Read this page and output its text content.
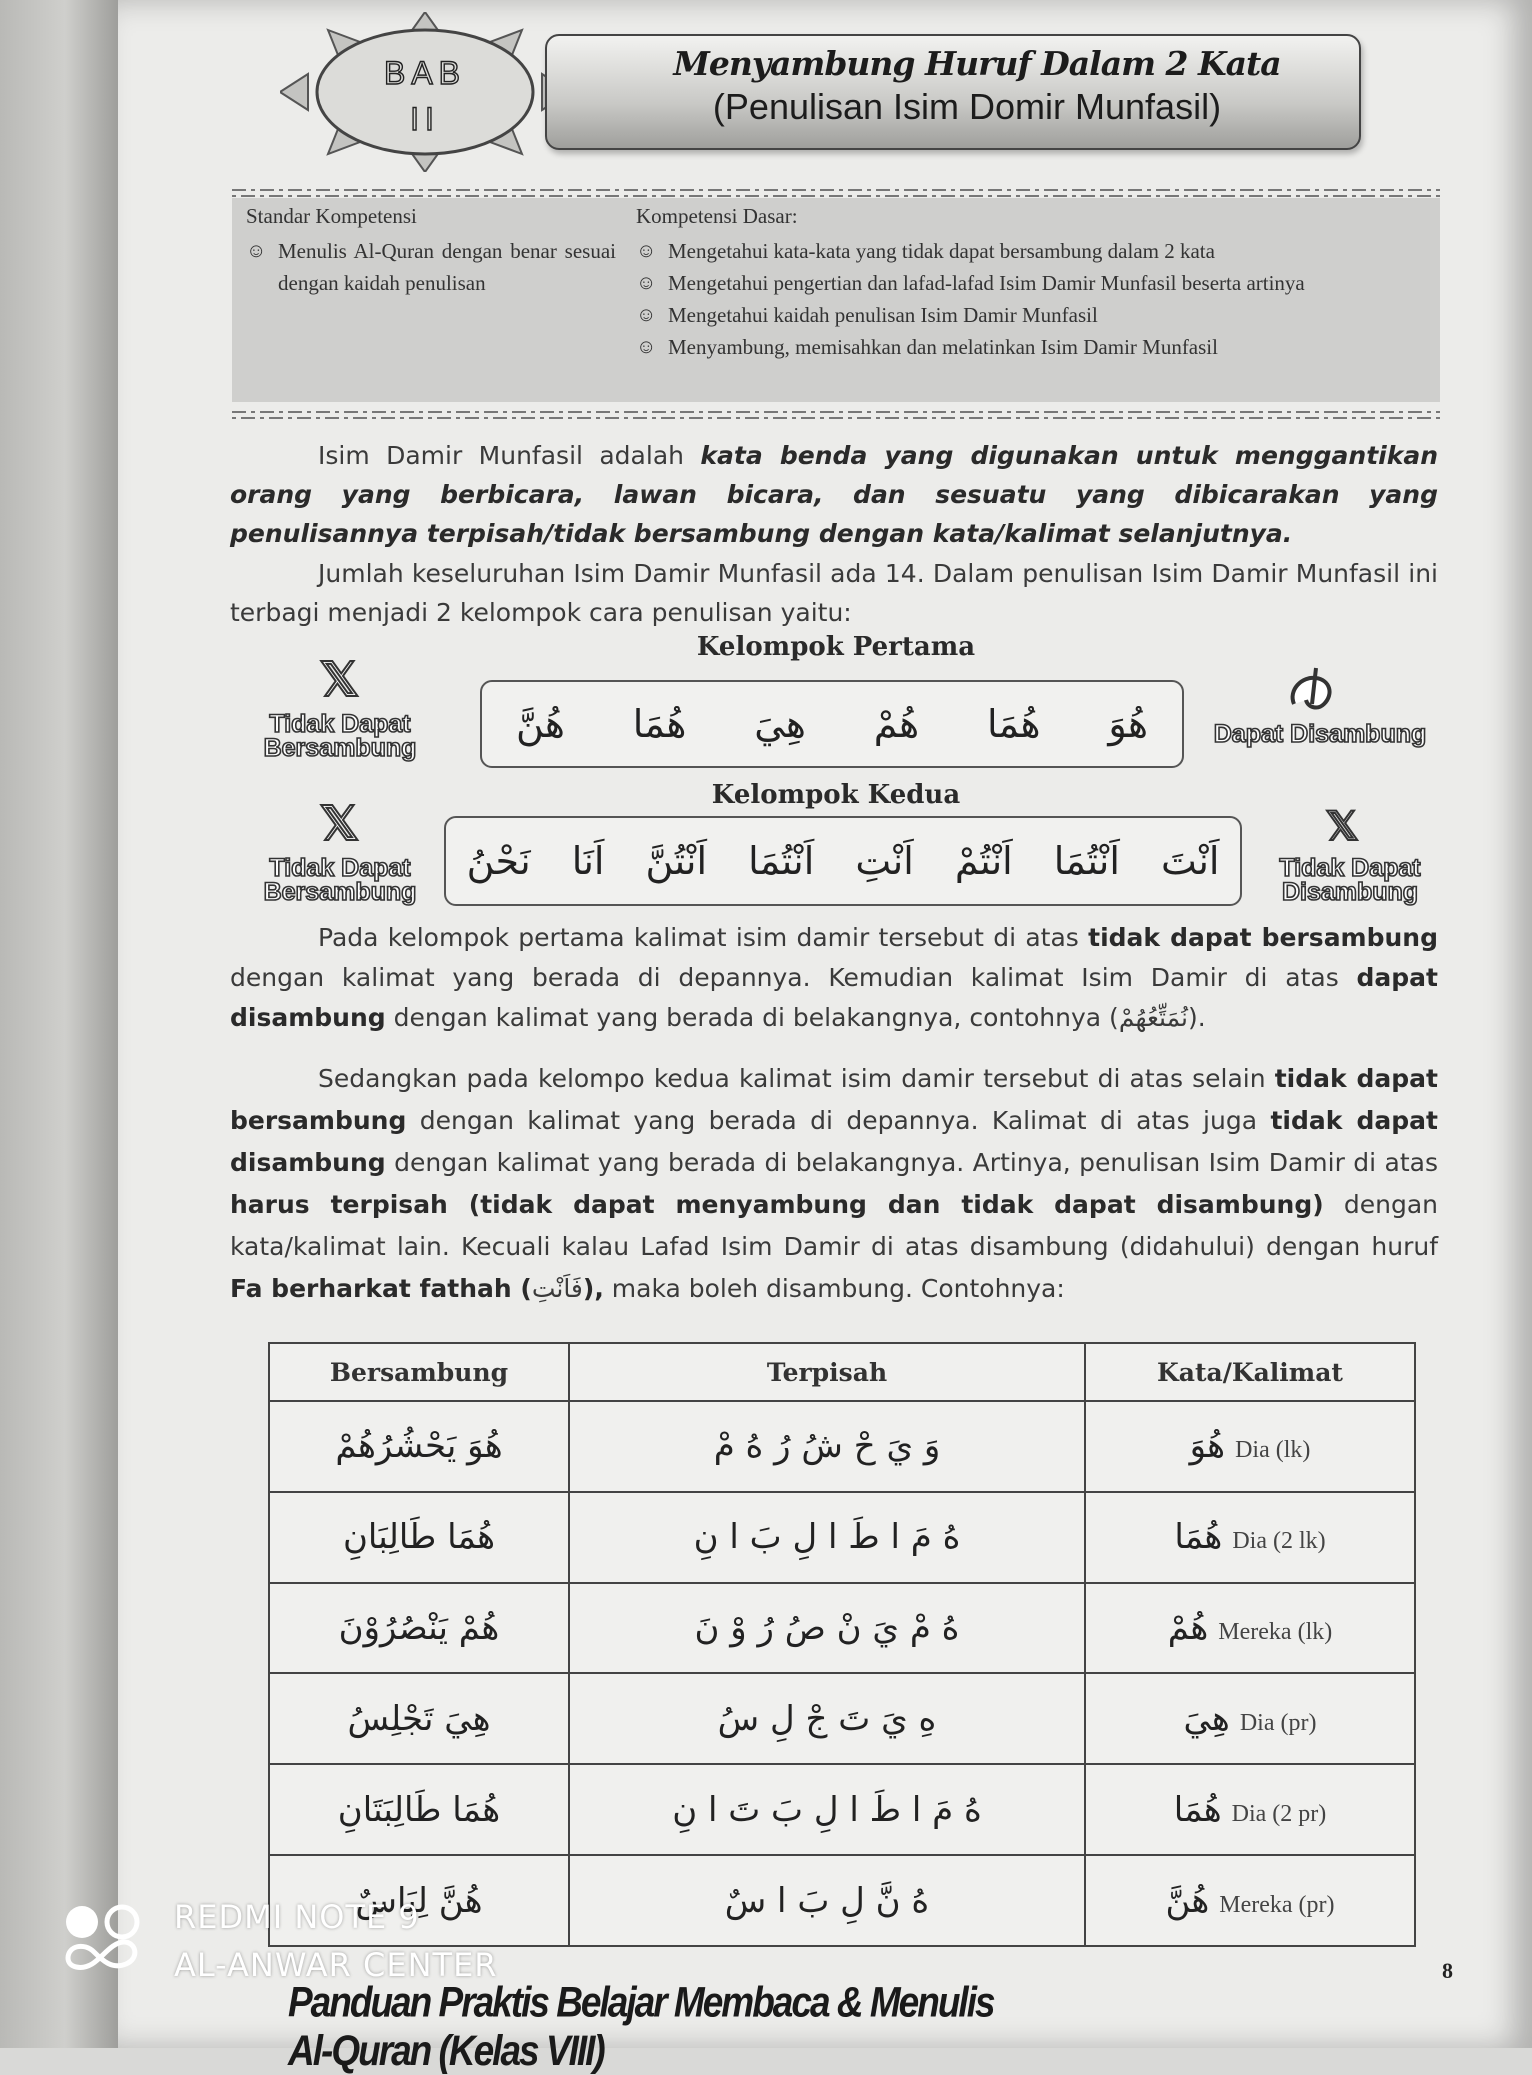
BAB
II
Menyambung Huruf Dalam 2 Kata
(Penulisan Isim Domir Munfasil)
Standar Kompetensi
☺ Menulis Al-Quran dengan benar sesuai dengan kaidah penulisan
Kompetensi Dasar:
☺ Mengetahui kata-kata yang tidak dapat bersambung dalam 2 kata
☺ Mengetahui pengertian dan lafad-lafad Isim Damir Munfasil beserta artinya
☺ Mengetahui kaidah penulisan Isim Damir Munfasil
☺ Menyambung, memisahkan dan melatinkan Isim Damir Munfasil
Isim Damir Munfasil adalah kata benda yang digunakan untuk menggantikan orang yang berbicara, lawan bicara, dan sesuatu yang dibicarakan yang penulisannya terpisah/tidak bersambung dengan kata/kalimat selanjutnya.
Jumlah keseluruhan Isim Damir Munfasil ada 14. Dalam penulisan Isim Damir Munfasil ini terbagi menjadi 2 kelompok cara penulisan yaitu:
Kelompok Pertama
𝕏
Tidak Dapat Bersambung
هُوَ
هُمَا
هُمْ
هِيَ
هُمَا
هُنَّ	Dapat Disambung
Kelompok Kedua
𝕏
Tidak Dapat Bersambung
اَنْتَ
اَنْتُمَا
اَنْتُمْ
اَنْتِ
اَنْتُمَا
اَنْتُنَّ
اَنَا
نَحْنُ
𝕏
Tidak Dapat Disambung
Pada kelompok pertama kalimat isim damir tersebut di atas tidak dapat bersambung dengan kalimat yang berada di depannya. Kemudian kalimat Isim Damir di atas dapat disambung dengan kalimat yang berada di belakangnya, contohnya (نُمَتِّعُهُمْ).
Sedangkan pada kelompo kedua kalimat isim damir tersebut di atas selain tidak dapat bersambung dengan kalimat yang berada di depannya. Kalimat di atas juga tidak dapat disambung dengan kalimat yang berada di belakangnya. Artinya, penulisan Isim Damir di atas harus terpisah (tidak dapat menyambung dan tidak dapat disambung) dengan kata/kalimat lain. Kecuali kalau Lafad Isim Damir di atas disambung (didahului) dengan huruf Fa berharkat fathah (فَاَنْتِ), maka boleh disambung. Contohnya:
Bersambung	Terpisah	Kata/Kalimat
هُوَ يَحْشُرُهُمْ	وَ يَ حْ شُ رُ هُ مْ	هُوَ Dia (lk)
هُمَا طَالِبَانِ	هُ مَ ا طَ ا لِ بَ ا نِ	هُمَا Dia (2 lk)
هُمْ يَنْصُرُوْنَ	هُ مْ يَ نْ صُ رُ وْ نَ	هُمْ Mereka (lk)
هِيَ تَجْلِسُ	هِ يَ تَ جْ لِ سُ	هِيَ Dia (pr)
هُمَا طَالِبَتَانِ	هُ مَ ا طَ ا لِ بَ تَ ا نِ	هُمَا Dia (2 pr)
هُنَّ لِبَاسٌ	هُ نَّ لِ بَ ا سٌ	هُنَّ Mereka (pr)
8
Panduan Praktis Belajar Membaca & Menulis Al-Quran (Kelas VIII)
REDMI NOTE 9
AL-ANWAR CENTER
